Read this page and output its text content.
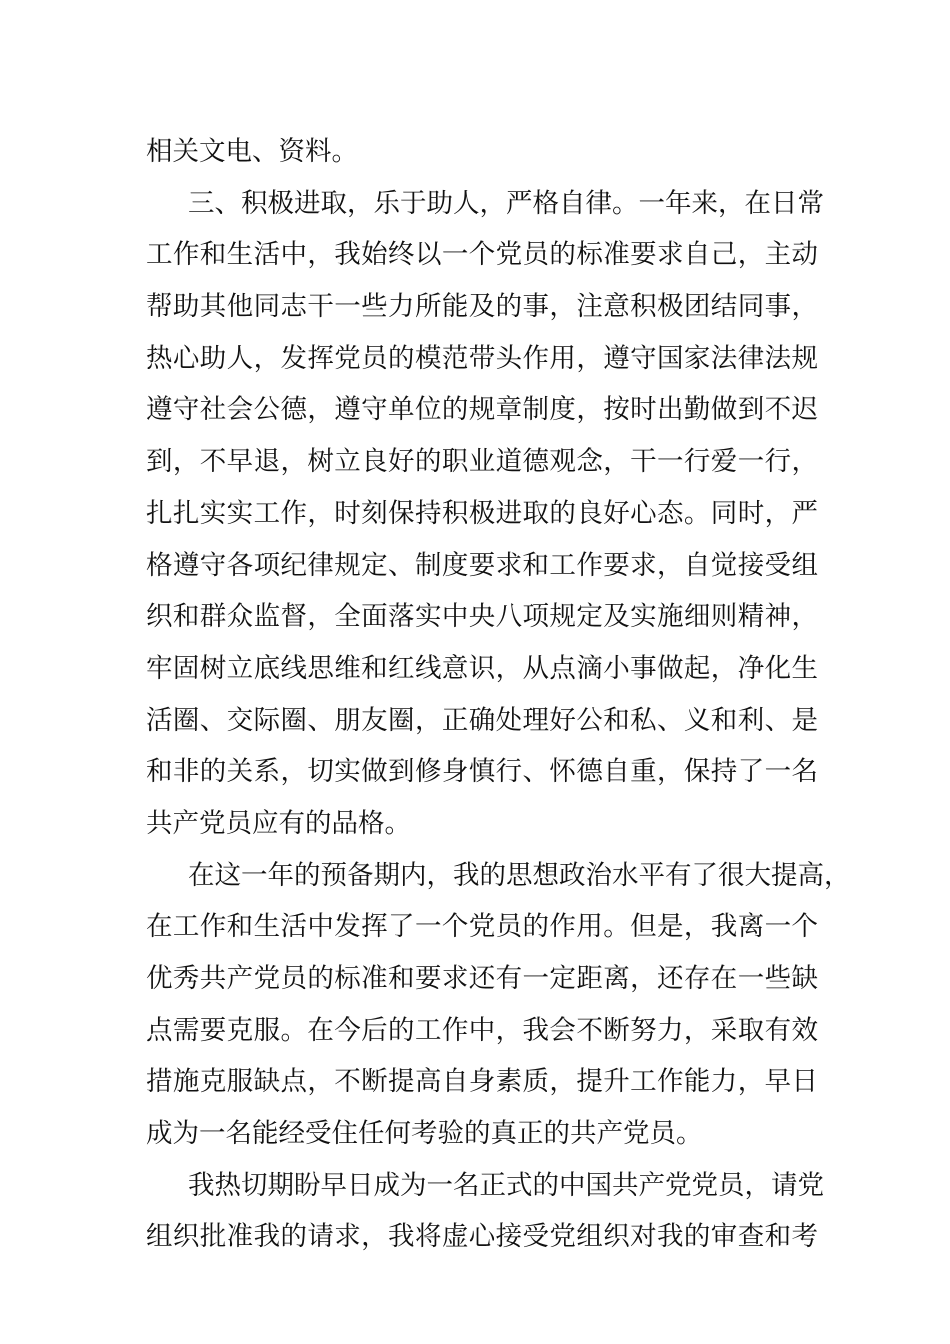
相关文电、资料。
三、积极进取，乐于助人，严格自律。一年来，在日常
工作和生活中，我始终以一个党员的标准要求自己，主动
帮助其他同志干一些力所能及的事，注意积极团结同事，
热心助人，发挥党员的模范带头作用，遵守国家法律法规
遵守社会公德，遵守单位的规章制度，按时出勤做到不迟
到，不早退，树立良好的职业道德观念，干一行爱一行，
扎扎实实工作，时刻保持积极进取的良好心态。同时，严
格遵守各项纪律规定、制度要求和工作要求，自觉接受组
织和群众监督，全面落实中央八项规定及实施细则精神，
牢固树立底线思维和红线意识，从点滴小事做起，净化生
活圈、交际圈、朋友圈，正确处理好公和私、义和利、是
和非的关系，切实做到修身慎行、怀德自重，保持了一名
共产党员应有的品格。
在这一年的预备期内，我的思想政治水平有了很大提高，
在工作和生活中发挥了一个党员的作用。但是，我离一个
优秀共产党员的标准和要求还有一定距离，还存在一些缺
点需要克服。在今后的工作中，我会不断努力，采取有效
措施克服缺点，不断提高自身素质，提升工作能力，早日
成为一名能经受住任何考验的真正的共产党员。
我热切期盼早日成为一名正式的中国共产党党员，请党
组织批准我的请求，我将虚心接受党组织对我的审查和考
